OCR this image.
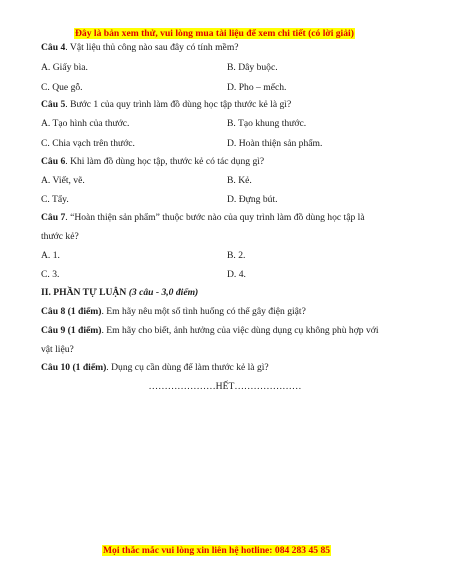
Đây là bản xem thử, vui lòng mua tài liệu để xem chi tiết (có lời giải)
Câu 4. Vật liệu thủ công nào sau đây có tính mềm?
A. Giấy bìa.	B. Dây buộc.
C. Que gỗ.	D. Pho – mếch.
Câu 5. Bước 1 của quy trình làm đồ dùng học tập thước kẻ là gì?
A. Tạo hình của thước.	B. Tạo khung thước.
C. Chia vạch trên thước.	D. Hoàn thiện sản phẩm.
Câu 6. Khi làm đồ dùng học tập, thước kẻ có tác dụng gì?
A. Viết, vẽ.	B. Kẻ.
C. Tẩy.	D. Đựng bút.
Câu 7. “Hoàn thiện sản phẩm” thuộc bước nào của quy trình làm đồ dùng học tập là
thước kẻ?
A. 1.	B. 2.
C. 3.	D. 4.
II. PHẦN TỰ LUẬN (3 câu - 3,0 điểm)
Câu 8 (1 điểm). Em hãy nêu một số tình huống có thể gây điện giật?
Câu 9 (1 điểm). Em hãy cho biết, ảnh hưởng của việc dùng dụng cụ không phù hợp với
vật liệu?
Câu 10 (1 điểm). Dụng cụ cần dùng để làm thước kẻ là gì?
…………………HẾT…………………
Mọi thắc mắc vui lòng xin liên hệ hotline: 084 283 45 85
